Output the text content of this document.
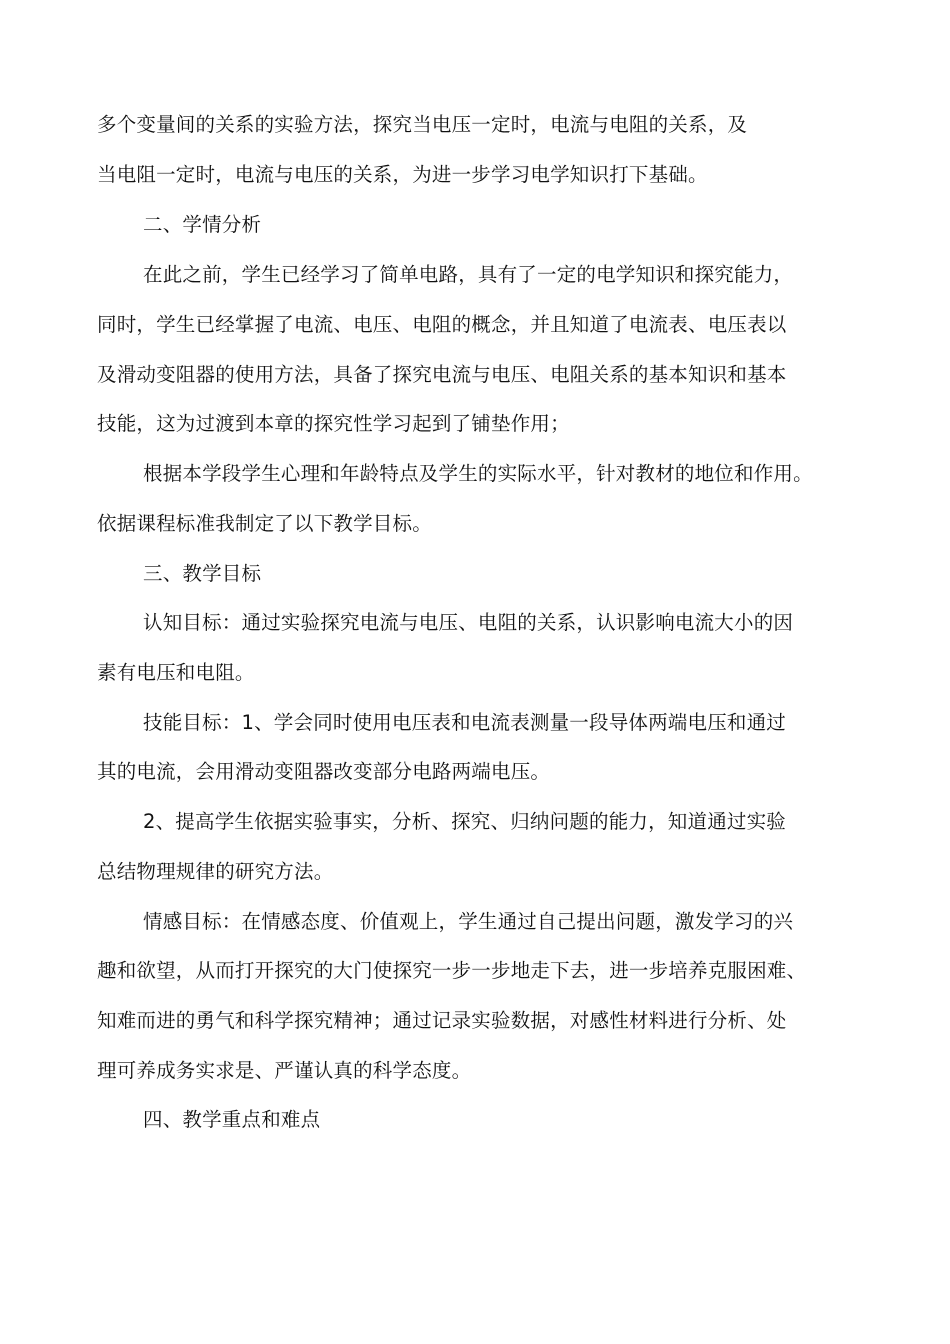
多个变量间的关系的实验方法，探究当电压一定时，电流与电阻的关系，及
当电阻一定时，电流与电压的关系，为进一步学习电学知识打下基础。
二、学情分析
在此之前，学生已经学习了简单电路，具有了一定的电学知识和探究能力，
同时，学生已经掌握了电流、电压、电阻的概念，并且知道了电流表、电压表以
及滑动变阻器的使用方法，具备了探究电流与电压、电阻关系的基本知识和基本
技能，这为过渡到本章的探究性学习起到了铺垫作用；
根据本学段学生心理和年龄特点及学生的实际水平，针对教材的地位和作用。
依据课程标准我制定了以下教学目标。
三、教学目标
认知目标：通过实验探究电流与电压、电阻的关系，认识影响电流大小的因
素有电压和电阻。
技能目标：1、学会同时使用电压表和电流表测量一段导体两端电压和通过
其的电流，会用滑动变阻器改变部分电路两端电压。
2、提高学生依据实验事实，分析、探究、归纳问题的能力，知道通过实验
总结物理规律的研究方法。
情感目标：在情感态度、价值观上，学生通过自己提出问题，激发学习的兴
趣和欲望，从而打开探究的大门使探究一步一步地走下去，进一步培养克服困难、
知难而进的勇气和科学探究精神；通过记录实验数据，对感性材料进行分析、处
理可养成务实求是、严谨认真的科学态度。
四、教学重点和难点
